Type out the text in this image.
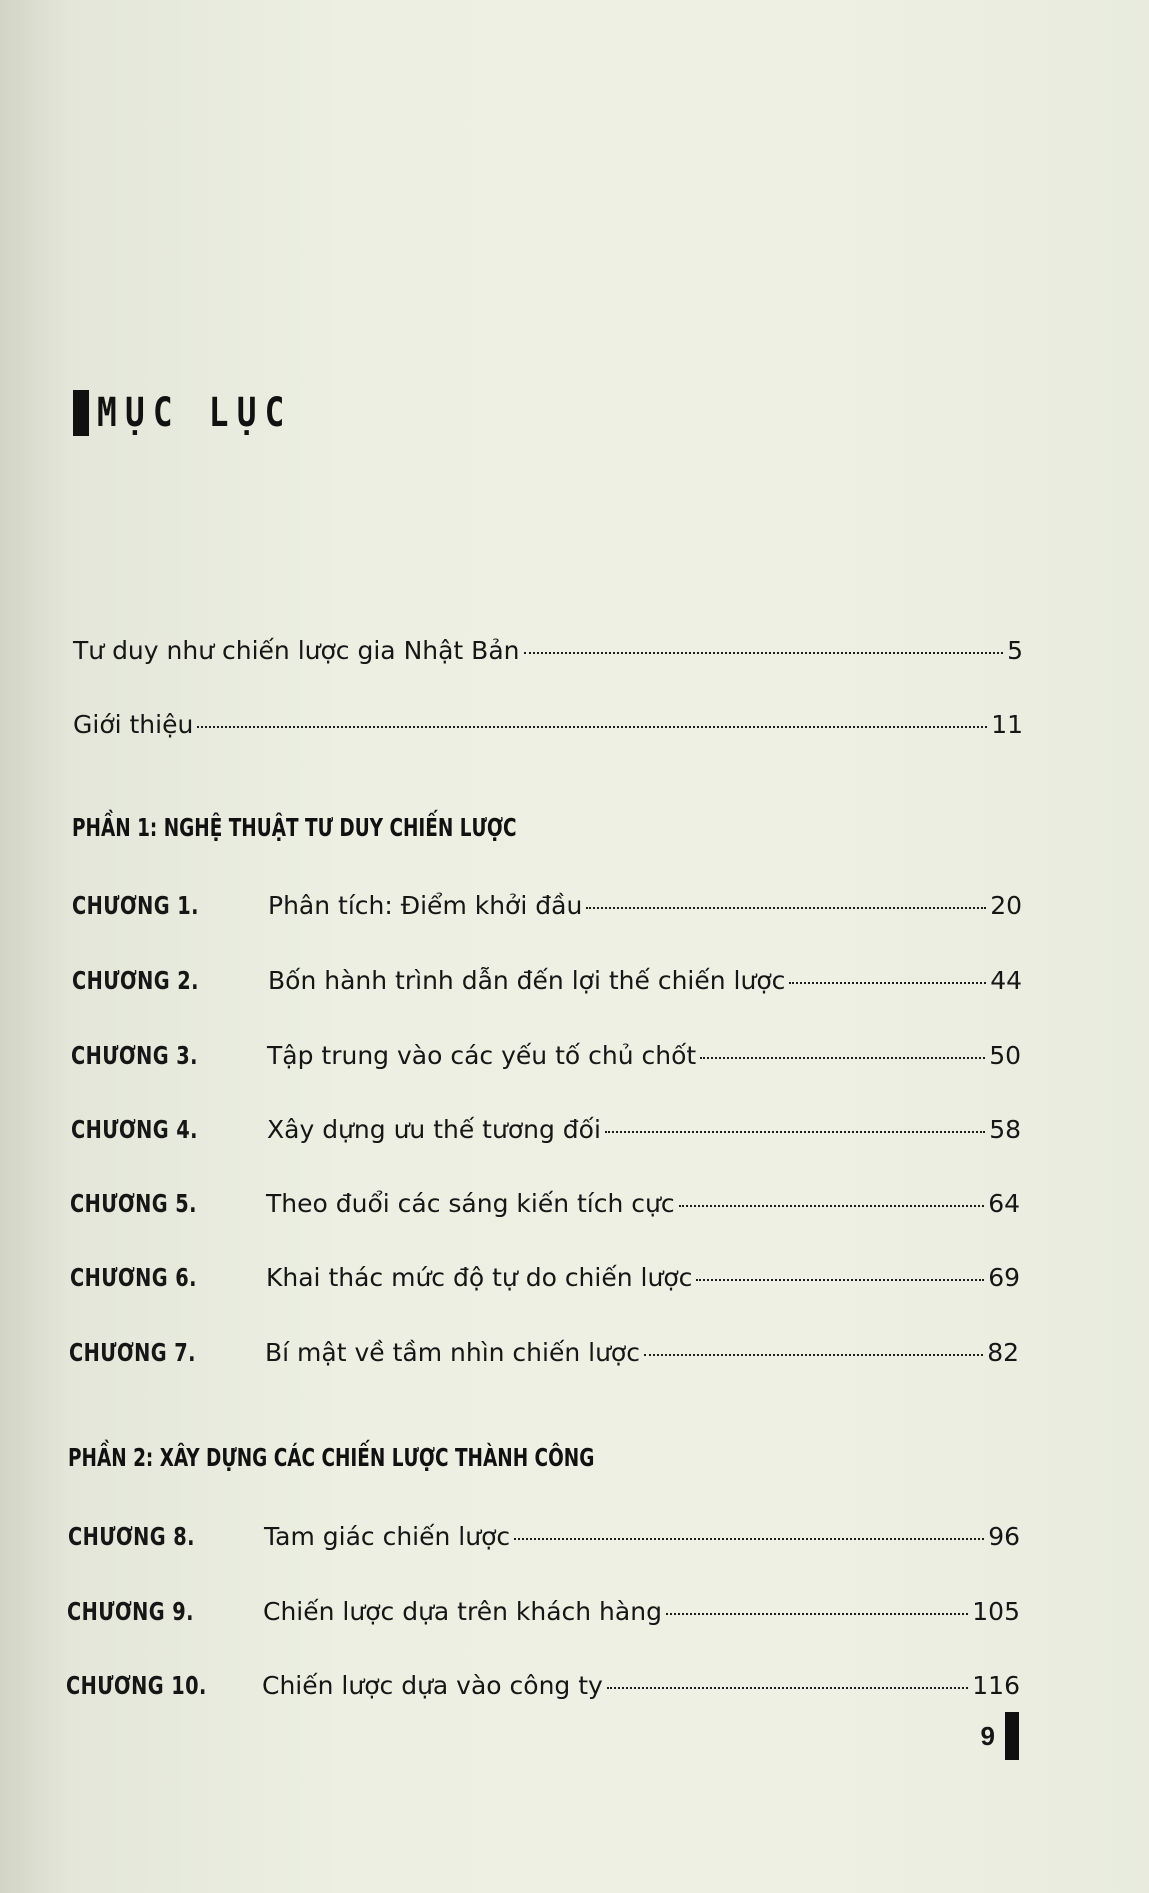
MỤC LỤC
Tư duy như chiến lược gia Nhật Bản	5
Giới thiệu	11
PHẦN 1: NGHỆ THUẬT TƯ DUY CHIẾN LƯỢC
CHƯƠNG 1.	Phân tích: Điểm khởi đầu	20
CHƯƠNG 2.	Bốn hành trình dẫn đến lợi thế chiến lược	44
CHƯƠNG 3.	Tập trung vào các yếu tố chủ chốt	50
CHƯƠNG 4.	Xây dựng ưu thế tương đối	58
CHƯƠNG 5.	Theo đuổi các sáng kiến tích cực	64
CHƯƠNG 6.	Khai thác mức độ tự do chiến lược	69
CHƯƠNG 7.	Bí mật về tầm nhìn chiến lược	82
PHẦN 2: XÂY DỰNG CÁC CHIẾN LƯỢC THÀNH CÔNG
CHƯƠNG 8.	Tam giác chiến lược	96
CHƯƠNG 9.	Chiến lược dựa trên khách hàng	105
CHƯƠNG 10.	Chiến lược dựa vào công ty	116
9
